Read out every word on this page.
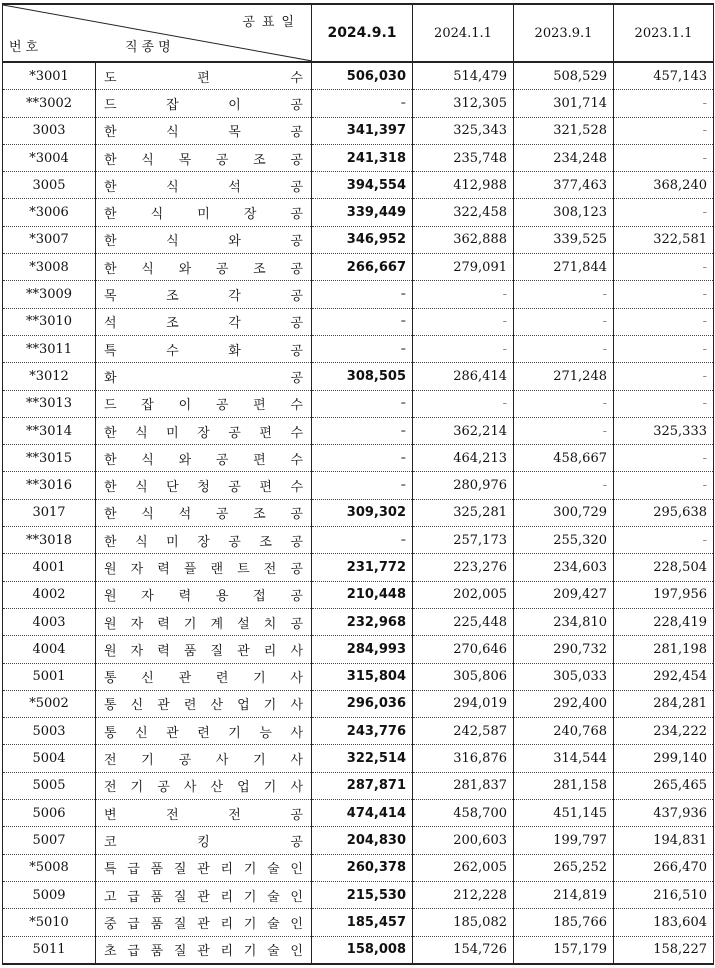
공표일
번호 직종명		2024.9.1	2024.1.1	2023.9.1	2023.1.1
*3001	도 편 수	506,030	514,479	508,529	457,143
**3002	드 잡 이 공	-	312,305	301,714	-
3003	한 식 목 공	341,397	325,343	321,528	-
*3004	한 식 목 공 조 공	241,318	235,748	234,248	-
3005	한 식 석 공	394,554	412,988	377,463	368,240
*3006	한 식 미 장 공	339,449	322,458	308,123	-
*3007	한 식 와 공	346,952	362,888	339,525	322,581
*3008	한 식 와 공 조 공	266,667	279,091	271,844	-
**3009	목 조 각 공	-	-	-	-
**3010	석 조 각 공	-	-	-	-
**3011	특 수 화 공	-	-	-	-
*3012	화 공	308,505	286,414	271,248	-
**3013	드 잡 이 공 편 수	-	-	-	-
**3014	한 식 미 장 공 편 수	-	362,214	-	325,333
**3015	한 식 와 공 편 수	-	464,213	458,667	-
**3016	한 식 단 청 공 편 수	-	280,976	-	-
3017	한 식 석 공 조 공	309,302	325,281	300,729	295,638
**3018	한 식 미 장 공 조 공	-	257,173	255,320	-
4001	원 자 력 플 랜 트 전 공	231,772	223,276	234,603	228,504
4002	원 자 력 용 접 공	210,448	202,005	209,427	197,956
4003	원 자 력 기 계 설 치 공	232,968	225,448	234,810	228,419
4004	원 자 력 품 질 관 리 사	284,993	270,646	290,732	281,198
5001	통 신 관 련 기 사	315,804	305,806	305,033	292,454
*5002	통 신 관 련 산 업 기 사	296,036	294,019	292,400	284,281
5003	통 신 관 련 기 능 사	243,776	242,587	240,768	234,222
5004	전 기 공 사 기 사	322,514	316,876	314,544	299,140
5005	전 기 공 사 산 업 기 사	287,871	281,837	281,158	265,465
5006	변 전 전 공	474,414	458,700	451,145	437,936
5007	코 킹 공	204,830	200,603	199,797	194,831
*5008	특 급 품 질 관 리 기 술 인	260,378	262,005	265,252	266,470
5009	고 급 품 질 관 리 기 술 인	215,530	212,228	214,819	216,510
*5010	중 급 품 질 관 리 기 술 인	185,457	185,082	185,766	183,604
5011	초 급 품 질 관 리 기 술 인	158,008	154,726	157,179	158,227
